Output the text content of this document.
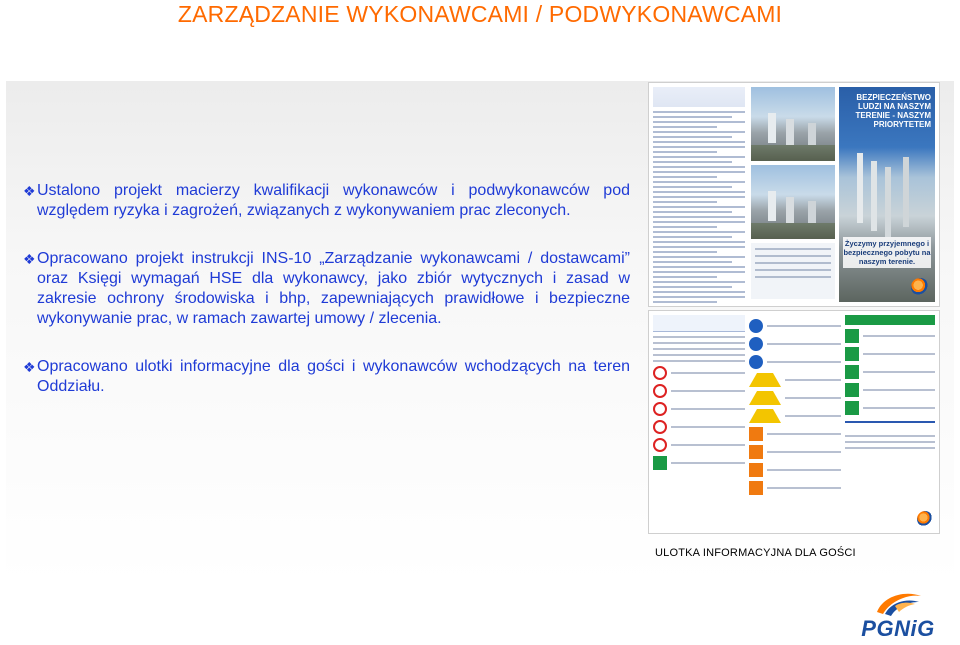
ZARZĄDZANIE WYKONAWCAMI / PODWYKONAWCAMI
❖ Ustalono projekt macierzy kwalifikacji wykonawców i podwykonawców pod względem ryzyka i zagrożeń, związanych z wykonywaniem prac zleconych.
❖ Opracowano projekt instrukcji INS-10 „Zarządzanie wykonawcami / dostawcami” oraz Księgi wymagań HSE dla wykonawcy, jako zbiór wytycznych i zasad w zakresie ochrony środowiska i bhp, zapewniających prawidłowe i bezpieczne wykonywanie prac, w ramach zawartej umowy / zlecenia.
❖ Opracowano ulotki informacyjne dla gości i wykonawców wchodzących na teren Oddziału.
BEZPIECZEŃSTWO LUDZI NA NASZYM TERENIE - NASZYM PRIORYTETEM
Życzymy przyjemnego i bezpiecznego pobytu na naszym terenie.
ULOTKA INFORMACYJNA DLA GOŚCI
PGNiG
